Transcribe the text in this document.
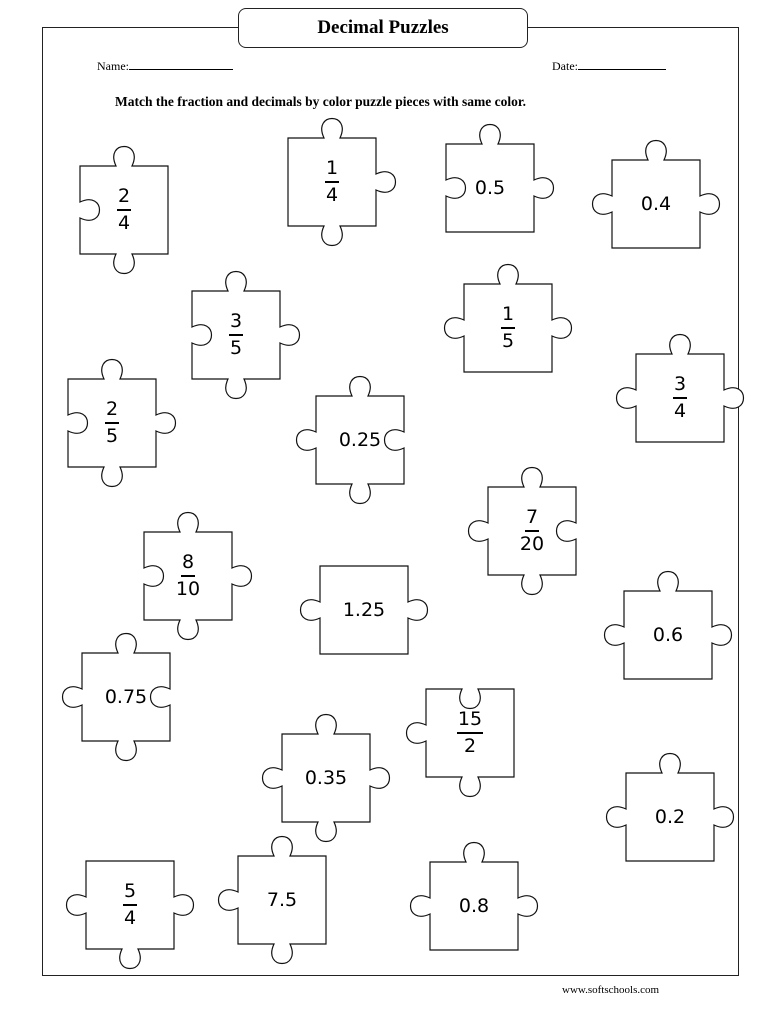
Decimal Puzzles
Name:	Date:
Match the fraction and decimals by color puzzle pieces with same color.
$\frac{2}{4}$
$\frac{1}{4}$	0.5
0.4
$\frac{3}{5}$	$\frac{1}{5}$
$\frac{3}{4}$
$\frac{2}{5}$	0.25
$\frac{7}{20}$
$\frac{8}{10}$
1.25
0.6
0.75
$\frac{15}{2}$
0.35
0.2
$\frac{5}{4}$	7.5	0.8
www.softschools.com
